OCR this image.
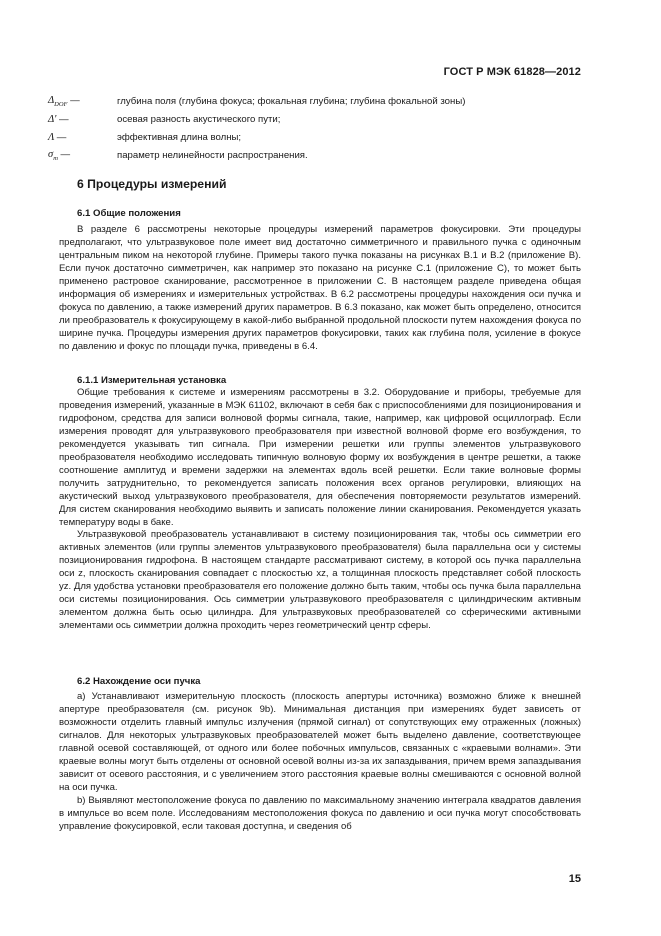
ГОСТ Р МЭК 61828—2012
$\Delta_{DOF}$ —	глубина поля (глубина фокуса; фокальная глубина; глубина фокальной зоны)
Δ' —	осевая разность акустического пути;
Λ —	эффективная длина волны;
$\sigma_m$ —	параметр нелинейности распространения.
6 Процедуры измерений
6.1 Общие положения

В разделе 6 рассмотрены некоторые процедуры измерений параметров фокусировки. Эти процедуры предполагают, что ультразвуковое поле имеет вид достаточно симметричного и правильного пучка с одиночным центральным пиком на некоторой глубине. Примеры такого пучка показаны на рисунках В.1 и В.2 (приложение В). Если пучок достаточно симметричен, как например это показано на рисунке С.1 (приложение С), то может быть применено растровое сканирование, рассмотренное в приложении С. В настоящем разделе приведена общая информация об измерениях и измерительных устройствах. В 6.2 рассмотрены процедуры нахождения оси пучка и фокуса по давлению, а также измерений других параметров. В 6.3 показано, как может быть определено, относится ли преобразователь к фокусирующему в какой-либо выбранной продольной плоскости путем нахождения фокуса по ширине пучка. Процедуры измерения других параметров фокусировки, таких как глубина поля, усиление в фокусе по давлению и фокус по площади пучка, приведены в 6.4.

6.1.1 Измерительная установка

Общие требования к системе и измерениям рассмотрены в 3.2. Оборудование и приборы, требуемые для проведения измерений, указанные в МЭК 61102, включают в себя бак с приспособлениями для позиционирования и гидрофоном, средства для записи волновой формы сигнала, такие, например, как цифровой осциллограф. Если измерения проводят для ультразвукового преобразователя при известной волновой форме его возбуждения, то рекомендуется указывать тип сигнала. При измерении решетки или группы элементов ультразвукового преобразователя необходимо исследовать типичную волновую форму их возбуждения в центре решетки, а также соотношение амплитуд и времени задержки на элементах вдоль всей решетки. Если такие волновые формы получить затруднительно, то рекомендуется записать положения всех органов регулировки, влияющих на акустический выход ультразвукового преобразователя, для обеспечения повторяемости результатов измерений. Для систем сканирования необходимо выявить и записать положение линии сканирования. Рекомендуется указать температуру воды в баке.

Ультразвуковой преобразователь устанавливают в систему позиционирования так, чтобы ось симметрии его активных элементов (или группы элементов ультразвукового преобразователя) была параллельна оси y системы позиционирования гидрофона. В настоящем стандарте рассматривают систему, в которой ось пучка параллельна оси z, плоскость сканирования совпадает с плоскостью xz, а толщинная плоскость представляет собой плоскость yz. Для удобства установки преобразователя его положение должно быть таким, чтобы ось пучка была параллельна оси системы позиционирования. Ось симметрии ультразвукового преобразователя с цилиндрическим активным элементом должна быть осью цилиндра. Для ультразвуковых преобразователей со сферическими активными элементами ось симметрии должна проходить через геометрический центр сферы.

6.2 Нахождение оси пучка

а) Устанавливают измерительную плоскость (плоскость апертуры источника) возможно ближе к внешней апертуре преобразователя (см. рисунок 9b). Минимальная дистанция при измерениях будет зависеть от возможности отделить главный импульс излучения (прямой сигнал) от сопутствующих ему отраженных (ложных) сигналов. Для некоторых ультразвуковых преобразователей может быть выделено давление, соответствующее главной осевой составляющей, от одного или более побочных импульсов, связанных с «краевыми волнами». Эти краевые волны могут быть отделены от основной осевой волны из-за их запаздывания, причем время запаздывания зависит от осевого расстояния, и с увеличением этого расстояния краевые волны смешиваются с основной волной на оси пучка.

b) Выявляют местоположение фокуса по давлению по максимальному значению интеграла квадратов давления в импульсе во всем поле. Исследованиям местоположения фокуса по давлению и оси пучка могут способствовать управление фокусировкой, если таковая доступна, и сведения об

15
